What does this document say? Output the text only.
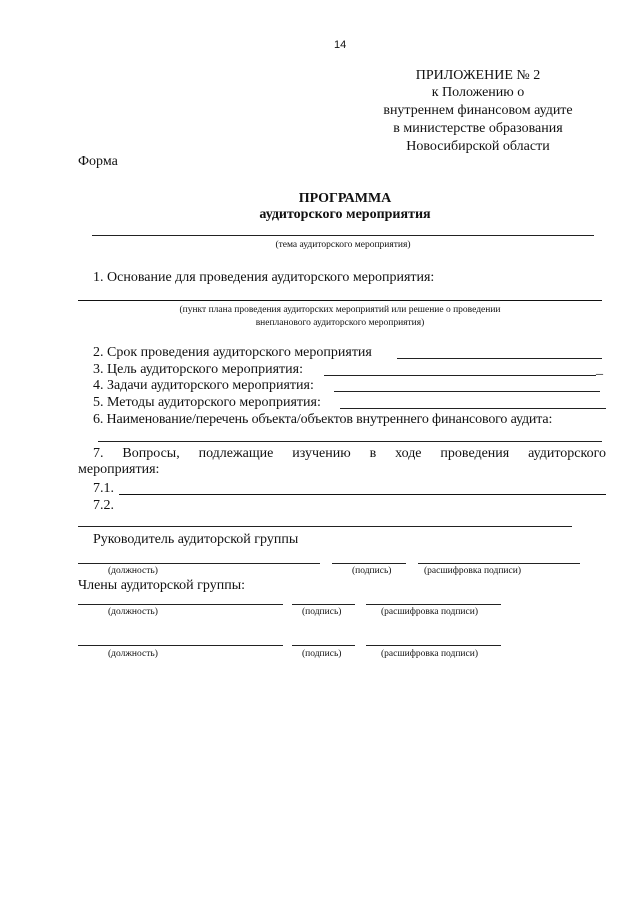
14
ПРИЛОЖЕНИЕ № 2
к Положению о
внутреннем финансовом аудите
в министерстве образования
Новосибирской области
Форма
ПРОГРАММА
аудиторского мероприятия
(тема аудиторского мероприятия)
1. Основание для проведения аудиторского мероприятия:
(пункт плана проведения аудиторских мероприятий или решение о проведении
внепланового аудиторского мероприятия)
2. Срок проведения аудиторского мероприятия
3. Цель аудиторского мероприятия:	_
4. Задачи аудиторского мероприятия:
5. Методы аудиторского мероприятия:
6. Наименование/перечень объекта/объектов внутреннего финансового аудита:
7. Вопросы, подлежащие изучению в ходе проведения аудиторского
мероприятия:
7.1.
7.2.
Руководитель аудиторской группы
(должность)	(подпись)	(расшифровка подписи)
Члены аудиторской группы:
(должность)	(подпись)	(расшифровка подписи)
(должность)	(подпись)	(расшифровка подписи)
